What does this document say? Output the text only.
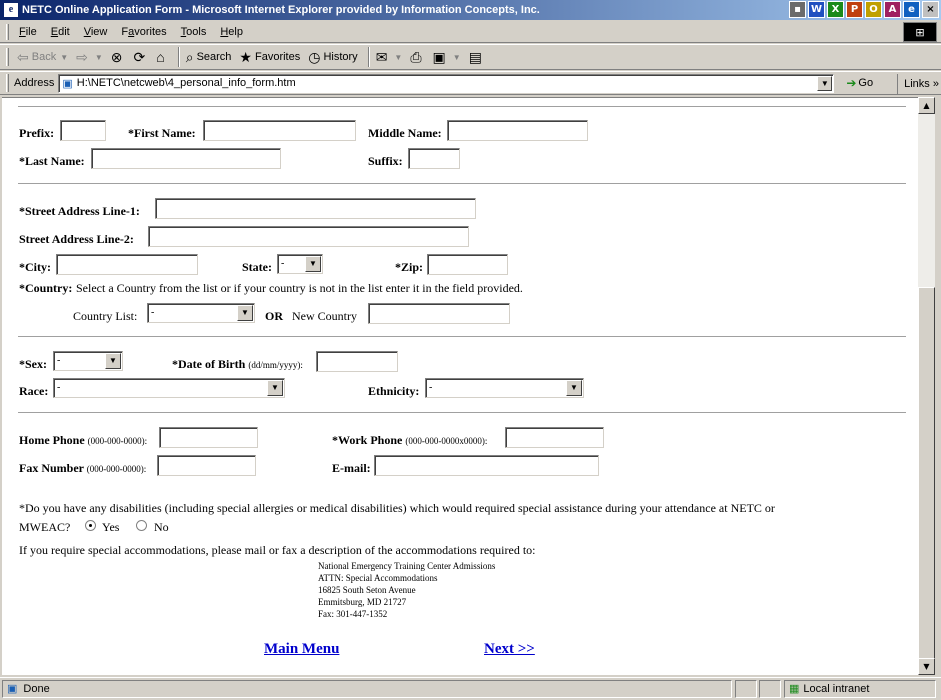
e NETC Online Application Form - Microsoft Internet Explorer provided by Information Concepts, Inc.	▪	W X	P	O	A	e	×
File Edit View Favorites Tools Help	⊞
⇦ Back ▼ ⇨ ▼ ⊗ ⟳ ⌂ ⌕ Search ★ Favorites ◷ History ✉ ▼ ⎙ ▣ ▼ ▤
Address ▣ H:\NETC\netcweb\4_personal_info_form.htm	▼ ➔ Go	Links »
Prefix:	*First Name:	Middle Name:
*Last Name:	Suffix:
*Street Address Line-1:
Street Address Line-2:
*City:	State: -	▼	*Zip:
*Country: Select a Country from the list or if your country is not in the list enter it in the field provided.
Country List:	-	▼	OR New Country
*Sex:	-	▼	*Date of Birth (dd/mm/yyyy):
Race: -	▼	Ethnicity: -	▼
Home Phone (000-000-0000):	*Work Phone (000-000-0000x0000):
Fax Number (000-000-0000):	E-mail:
*Do you have any disabilities (including special allergies or medical disabilities) which would required special assistance during your attendance at NETC or
MWEAC?	Yes	No
If you require special accommodations, please mail or fax a description of the accommodations required to:
National Emergency Training Center Admissions
ATTN: Special Accommodations
16825 South Seton Avenue
Emmitsburg, MD 21727
Fax: 301-447-1352
Main Menu	Next >>
▲
▼
▣ Done	▦ Local intranet
